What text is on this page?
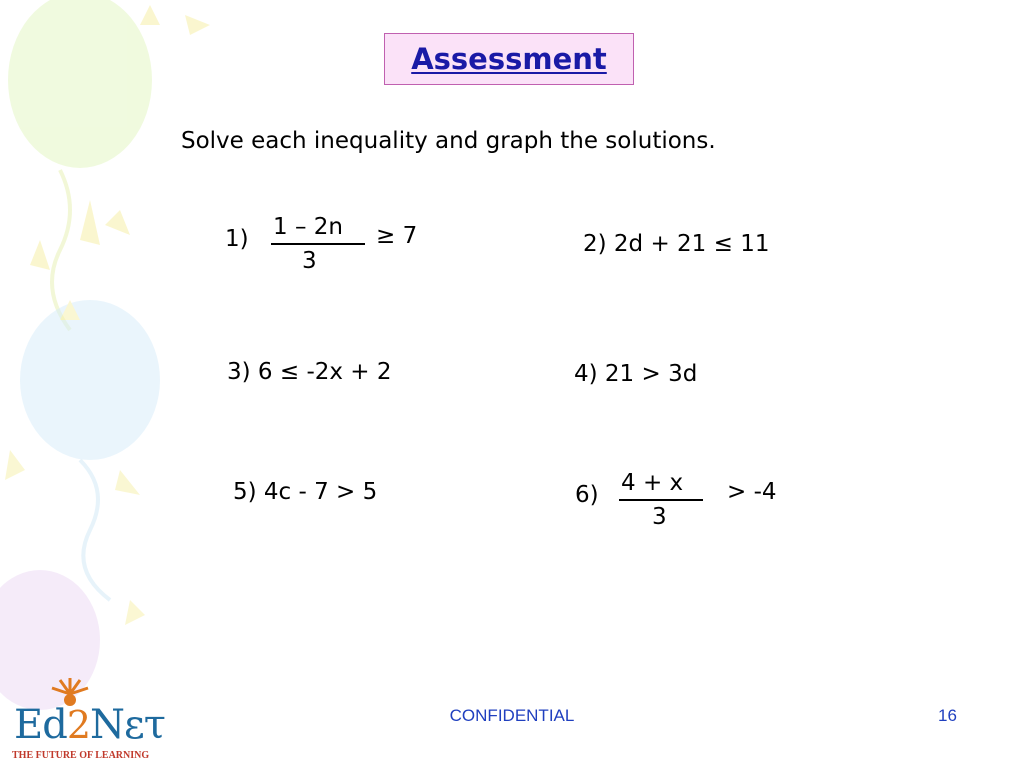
Assessment
Solve each inequality and graph the solutions.
1) 1 – 2n
3
≥ 7	2) 2d + 21 ≤ 11
3) 6 ≤ -2x + 2	4) 21 > 3d
5) 4c - 7 > 5	6) 4 + x
3
> -4
CONFIDENTIAL	16
Ed2Nετ
THE FUTURE OF LEARNING
